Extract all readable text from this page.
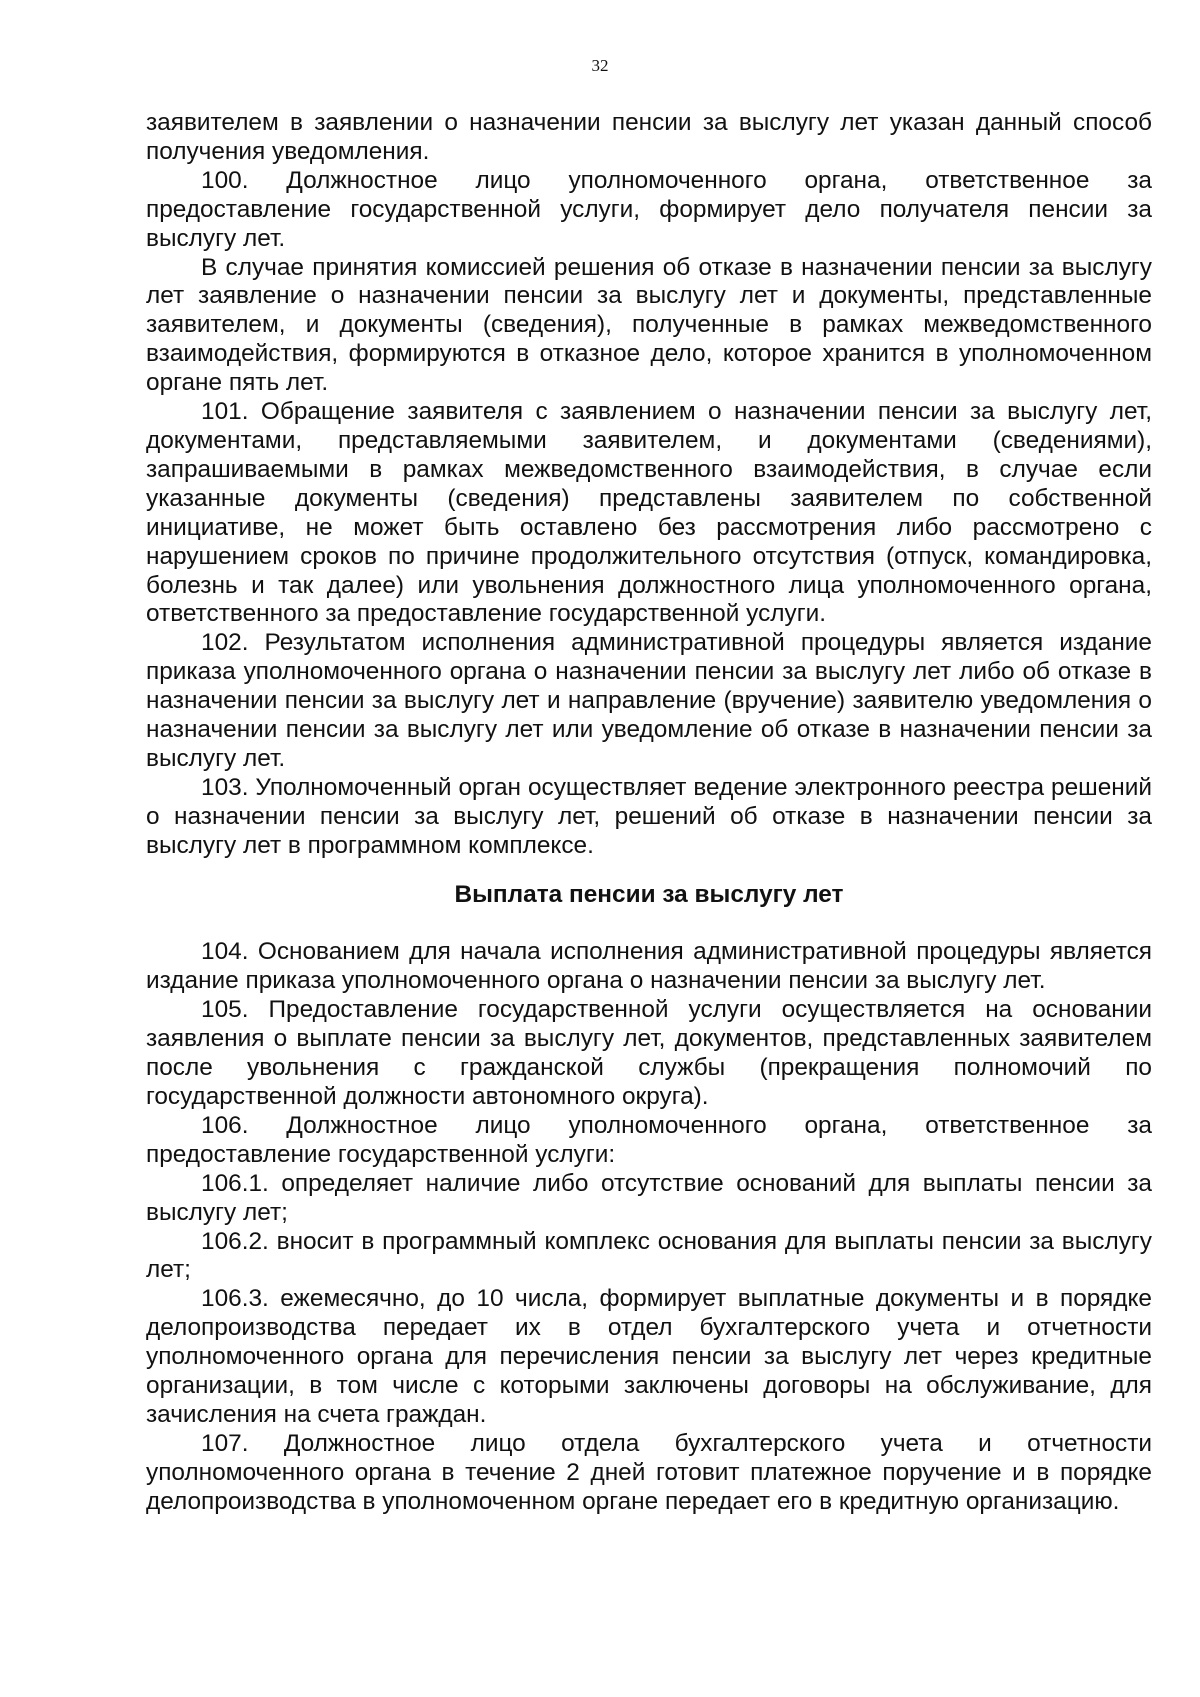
32

заявителем в заявлении о назначении пенсии за выслугу лет указан данный способ получения уведомления.

100. Должностное лицо уполномоченного органа, ответственное за предоставление государственной услуги, формирует дело получателя пенсии за выслугу лет.

В случае принятия комиссией решения об отказе в назначении пенсии за выслугу лет заявление о назначении пенсии за выслугу лет и документы, представленные заявителем, и документы (сведения), полученные в рамках межведомственного взаимодействия, формируются в отказное дело, которое хранится в уполномоченном органе пять лет.

101. Обращение заявителя с заявлением о назначении пенсии за выслугу лет, документами, представляемыми заявителем, и документами (сведениями), запрашиваемыми в рамках межведомственного взаимодействия, в случае если указанные документы (сведения) представлены заявителем по собственной инициативе, не может быть оставлено без рассмотрения либо рассмотрено с нарушением сроков по причине продолжительного отсутствия (отпуск, командировка, болезнь и так далее) или увольнения должностного лица уполномоченного органа, ответственного за предоставление государственной услуги.

102. Результатом исполнения административной процедуры является издание приказа уполномоченного органа о назначении пенсии за выслугу лет либо об отказе в назначении пенсии за выслугу лет и направление (вручение) заявителю уведомления о назначении пенсии за выслугу лет или уведомление об отказе в назначении пенсии за выслугу лет.

103. Уполномоченный орган осуществляет ведение электронного реестра решений о назначении пенсии за выслугу лет, решений об отказе в назначении пенсии за выслугу лет в программном комплексе.

Выплата пенсии за выслугу лет

104. Основанием для начала исполнения административной процедуры является издание приказа уполномоченного органа о назначении пенсии за выслугу лет.

105. Предоставление государственной услуги осуществляется на основании заявления о выплате пенсии за выслугу лет, документов, представленных заявителем после увольнения с гражданской службы (прекращения полномочий по государственной должности автономного округа).

106. Должностное лицо уполномоченного органа, ответственное за предоставление государственной услуги:

106.1. определяет наличие либо отсутствие оснований для выплаты пенсии за выслугу лет;

106.2. вносит в программный комплекс основания для выплаты пенсии за выслугу лет;

106.3. ежемесячно, до 10 числа, формирует выплатные документы и в порядке делопроизводства передает их в отдел бухгалтерского учета и отчетности уполномоченного органа для перечисления пенсии за выслугу лет через кредитные организации, в том числе с которыми заключены договоры на обслуживание, для зачисления на счета граждан.

107. Должностное лицо отдела бухгалтерского учета и отчетности уполномоченного органа в течение 2 дней готовит платежное поручение и в порядке делопроизводства в уполномоченном органе передает его в кредитную организацию.
